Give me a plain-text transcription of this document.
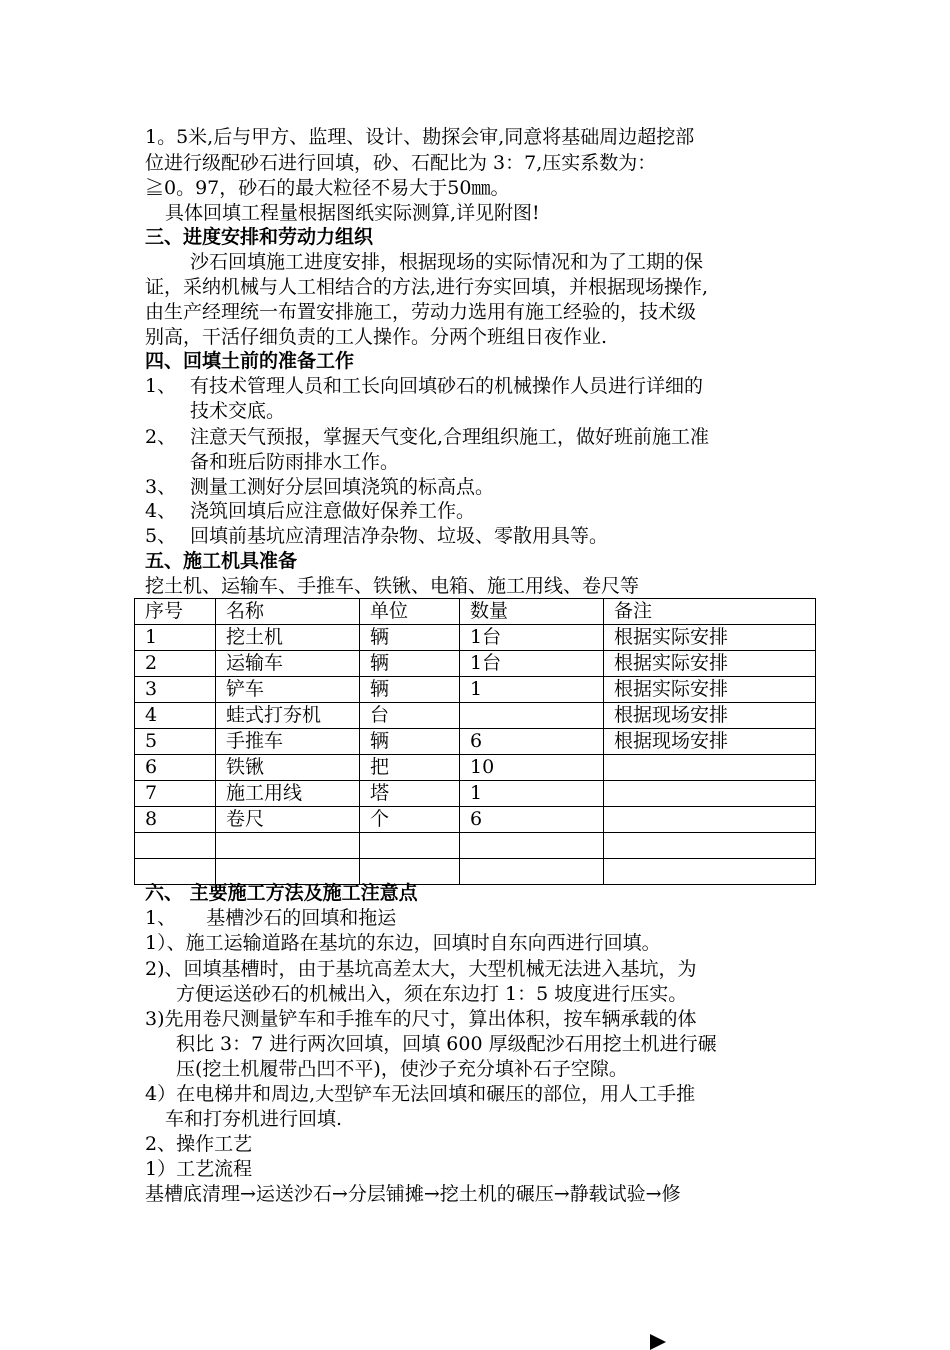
1。5米,后与甲方、监理、设计、勘探会审,同意将基础周边超挖部
位进行级配砂石进行回填，砂、石配比为 3：7,压实系数为：
≧0。97，砂石的最大粒径不易大于50㎜。
具体回填工程量根据图纸实际测算,详见附图!
三、进度安排和劳动力组织
沙石回填施工进度安排，根据现场的实际情况和为了工期的保
证，采纳机械与人工相结合的方法,进行夯实回填，并根据现场操作,
由生产经理统一布置安排施工，劳动力选用有施工经验的，技术级
别高，干活仔细负责的工人操作。分两个班组日夜作业.
四、回填土前的准备工作
1、 有技术管理人员和工长向回填砂石的机械操作人员进行详细的
技术交底。
2、 注意天气预报，掌握天气变化,合理组织施工，做好班前施工准
备和班后防雨排水工作。
3、 测量工测好分层回填浇筑的标高点。
4、 浇筑回填后应注意做好保养工作。
5、 回填前基坑应清理洁净杂物、垃圾、零散用具等。
五、施工机具准备
挖土机、运输车、手推车、铁锹、电箱、施工用线、卷尺等
序号	名称	单位	数量	备注
1	挖土机	辆	1台	根据实际安排
2	运输车	辆	1台	根据实际安排
3	铲车	辆	1	根据实际安排
4	蛙式打夯机	台		根据现场安排
5	手推车	辆	6	根据现场安排
6	铁锹	把	10	
7	施工用线	塔	1	
8	卷尺	个	6	

六、 主要施工方法及施工注意点
1、     基槽沙石的回填和拖运
1）、施工运输道路在基坑的东边，回填时自东向西进行回填。
2)、回填基槽时，由于基坑高差太大，大型机械无法进入基坑，为
方便运送砂石的机械出入，须在东边打 1：5 坡度进行压实。
3)先用卷尺测量铲车和手推车的尺寸，算出体积，按车辆承载的体
积比 3：7 进行两次回填，回填 600 厚级配沙石用挖土机进行碾
压(挖土机履带凸凹不平)，使沙子充分填补石子空隙。
4）在电梯井和周边,大型铲车无法回填和碾压的部位，用人工手推
车和打夯机进行回填.
2、操作工艺
1）工艺流程
基槽底清理→运送沙石→分层铺摊→挖土机的碾压→静载试验→修
